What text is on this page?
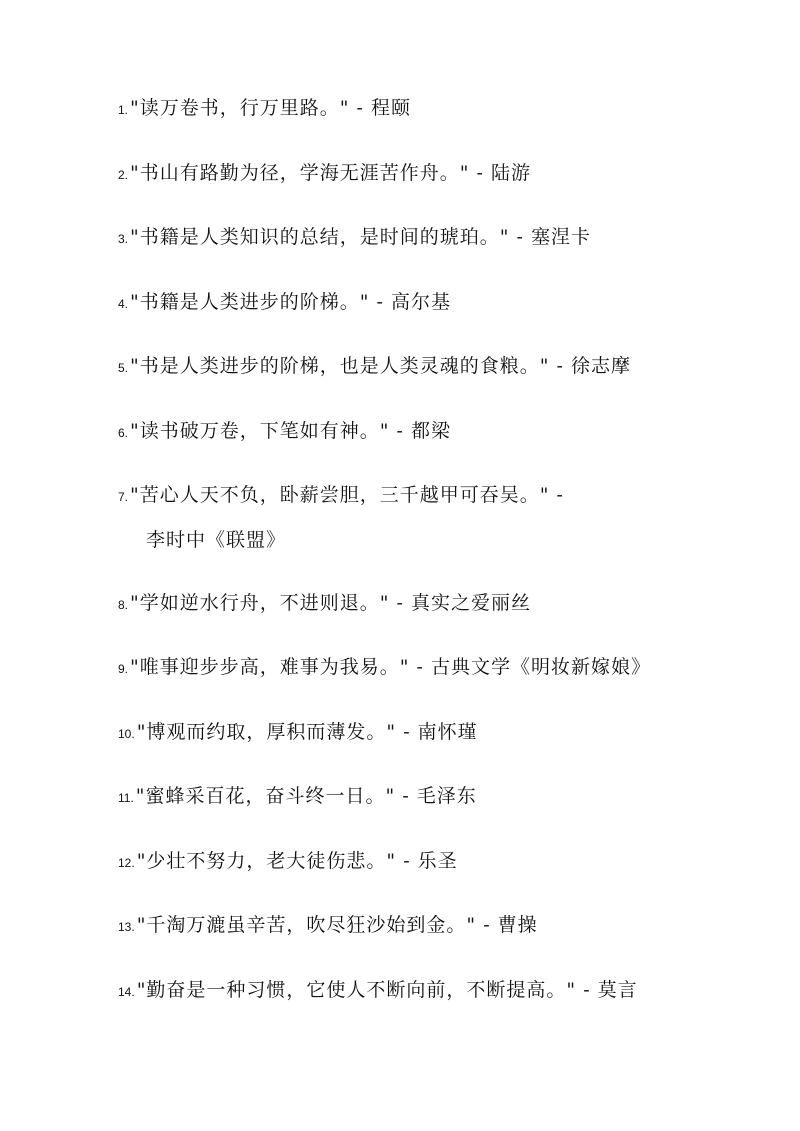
1. "读万卷书，行万里路。" - 程颐
2. "书山有路勤为径，学海无涯苦作舟。" - 陆游
3. "书籍是人类知识的总结，是时间的琥珀。" - 塞涅卡
4. "书籍是人类进步的阶梯。" - 高尔基
5. "书是人类进步的阶梯，也是人类灵魂的食粮。" - 徐志摩
6. "读书破万卷，下笔如有神。" - 都梁
7. "苦心人天不负，卧薪尝胆，三千越甲可吞吴。" -
李时中《联盟》
8. "学如逆水行舟，不进则退。" - 真实之爱丽丝
9. "唯事迎步步高，难事为我易。" - 古典文学《明妆新嫁娘》
10. "博观而约取，厚积而薄发。" - 南怀瑾
11. "蜜蜂采百花，奋斗终一日。" - 毛泽东
12. "少壮不努力，老大徒伤悲。" - 乐圣
13. "千淘万漉虽辛苦，吹尽狂沙始到金。" - 曹操
14. "勤奋是一种习惯，它使人不断向前，不断提高。" - 莫言
